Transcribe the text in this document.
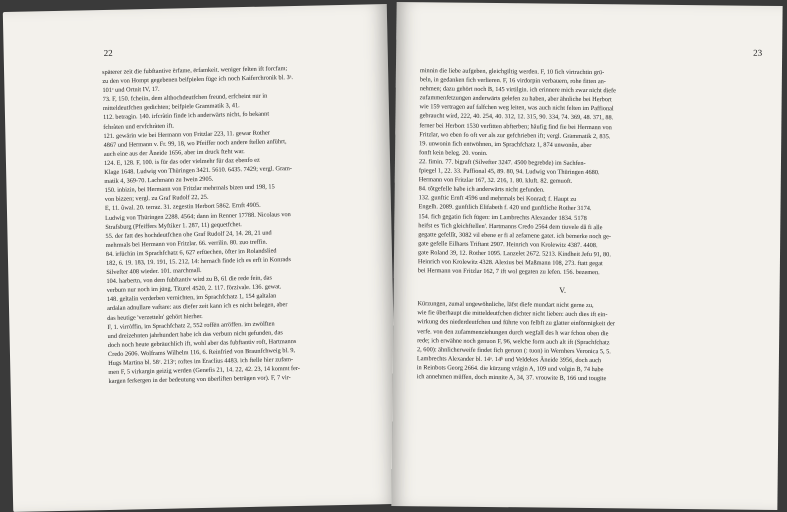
22
späterer zeit die fubftantive ërfame, ërfamkeit. weniger felten ift forcfam;
zu den von Hompt gegebenen beifpielen füge ich noch Kaiferchronik bl. 3ᵃ.
101ᶜ und Ortnit IV, 17.
73. F, 150. fcheiin, dem althochdeutfchen freund, erfcheint nur in
mitteldeutfchen gedichten; beifpiele Grammatik 3, 41.
112. betragin. 140. irfcràtin finde ich anderwärts nicht, fo bekannt
fchràten und ervfchràten ift.
121. gewärin wie bei Hermann von Fritzlar 223, 11. gewar Rother
4867 und Hermann v. Fr. 99, 18, wo Pfeiffer noch andere ftellen anführt,
auch eine aus der Äneide 1656, aber im druck fteht war.
124. E, 128. F, 100. is für das oder vielmehr für daz ebenfo ez
Klage 1648. Ludwig von Thüringen 3421. 5610. 6435. 7429; vergl. Gram-
matik 4, 369-70. Lachmann zu Iwein 2905.
150. inbizin, bei Hermann von Fritzlar mehrmals bizen und 198, 15
von bizzen; vergl. zu Graf Rudolf 22, 25.
E, 11. ûwal. 20. terraz. 31. zegestin Herbort 5862. Ernft 4905.
Ludwig von Thüringen 2288. 4564; dann im Renner 17788. Nicolaus von
Strafsburg (Pfeiffers Myftiker 1. 287, 11) gequetfchet.
55. der fatt des hochdeutfchen ohe Graf Rudolf 24, 14. 28, 21 und
mehrmals bei Hermann von Fritzlar. 66. verrilin. 80. zuo treffin.
84. irfüchin im Sprachfchatz 6, 627 erfüechen, öfter im Rolandslied
182, 6. 19. 183, 19. 191, 15. 212, 14: hernach finde ich es erft in Konrads
Silvefter 408 wieder. 101. marchmall.
104. harbertn, von dem fubftantiv wird zu B, 61 die rede fein, das
verbum nur noch im jüng. Titurel 4520, 2. 117. förzivale. 136. gewat.
148. geltalin verderben vernichten, im Sprachfchatz 1, 154 galtalan
ardalan adnullare vaftare: aus diefer zeit kann ich es nicht belegen, aber
das heutige 'verzetteln' gehört hierher.
F, 1. virròffin, im Sprachfchatz 2, 552 roffën arröffen. im zwölften
und dreizehnten jahrhundert habe ich das verbum nicht gefunden, das
doch noch heute gebräuchlich ift, wohl aber das fubftantiv roft, Hartmanns
Credo 2606. Wolframs Wilhelm 116, 6. Reinfried von Braunfchweig bl. 9,
Hugs Martina bl. 58ᶜ. 213ᶜ; roftes im Eraclius 4483. ich ftelle hier zufam-
men F, 5 virkargin geizig werden (Genefis 21, 14. 22, 42. 23, 14 kommt fer-
kargen ferkergen in der bedeutung von überliften betrügen vor). F, 7 vir-
23
minnin die liebe aufgeben, gleichgiltig werden. F, 10 fich virtrachtin grü-
beln, in gedanken fich verlieren. F, 16 virdorpin verbauern, rohe fitten an-
nehmen; dazu gehört noch B, 145 virtilgin. ich erinnere mich zwar nicht diefe
zufammenfetzungen anderwärts gelefen zu haben, aber ähnliche bei Herbort
wie 159 vertragen auf falfchen weg leiten, was auch nicht felten im Paffional
gebraucht wird, 222, 40. 254, 40. 312, 12. 315, 90. 334, 74. 369, 48. 371, 88.
ferner bei Herbort 1530 verfitten abfterben; häufig find fie bei Hermann von
Fritzlar, wo eben fo oft ver als zur gefchrieben ift; vergl. Grammatik 2, 835.
19. unwonin fich entwöhnen, im Sprachfchatz 1, 874 unwonên, aber
fonft kein beleg. 20. vonin.
22. fimin. 77. bigraft (Silvefter 3247. 4500 begrebde) im Sachfen-
fpiegel 1, 22. 33. Paffional 45, 89. 80, 94. Ludwig von Thüringen 4680.
Hermann von Fritzlar 167, 32. 216, 1. 80. kluft. 82. gemuoft.
84. tôtgefelle habe ich anderwärts nicht gefunden.
132. gunftic Ernft 4596 und mehrmals bei Konrad; f. Haupt zu
Engelh. 2089. gunftlich Elifabeth f. 420 und gunftliche Rother 3174.
154. fich gegatin fich fügen: im Lambrechts Alexander 1834. 5178
heifst es 'fich gleichftellen'. Hartmanns Credo 2564 dem tiuvele dâ fi alle
gegatte gefellît, 3082 vil ebene er fi al zefamene gatet. ich bemerke noch ge-
gate gefelle Eilharts Triftant 2907. Heinrich von Krolewitz 4387. 4408.
gate Roland 39, 12. Rother 1095. Lanzelet 2672. 5213. Kindheit Jefu 91, 80.
Heinrich von Krolewitz 4328. Alexius bei Maßmann 108, 273. ftatt gegat
bei Hermann von Fritzlar 162, 7 ift wol gegaten zu lefen. 156. bezemen.
V.
Kürzungen, zumal ungewöhnliche, läfst diefe mundart nicht gerne zu,
wie fie überhaupt die mitteldeutfchen dichter nicht lieben: auch dies ift ein-
wirkung des niederdeutfchen und führte von felbft zu glatter einförmigkeit der
verfe. von den zufammenziehungen durch wegfall des h war fchon oben die
rede; ich erwähne noch genuon F, 96, welche form auch alt ift (Sprachfchatz
2, 600): ähnlicherweife findet fich geruon (: tuon) in Wernhers Veronica 5, 5.
Lambrechts Alexander bl. 14ᵃ. 14ᵇ und Veldekes Äneide 3956, doch auch
in Reinbots Georg 2664. die kürzung vrágin A, 109 und volgin B, 74 habe
ich annehmen müffen, doch minnite A, 34, 37. vrouwite B, 166 und tougite
